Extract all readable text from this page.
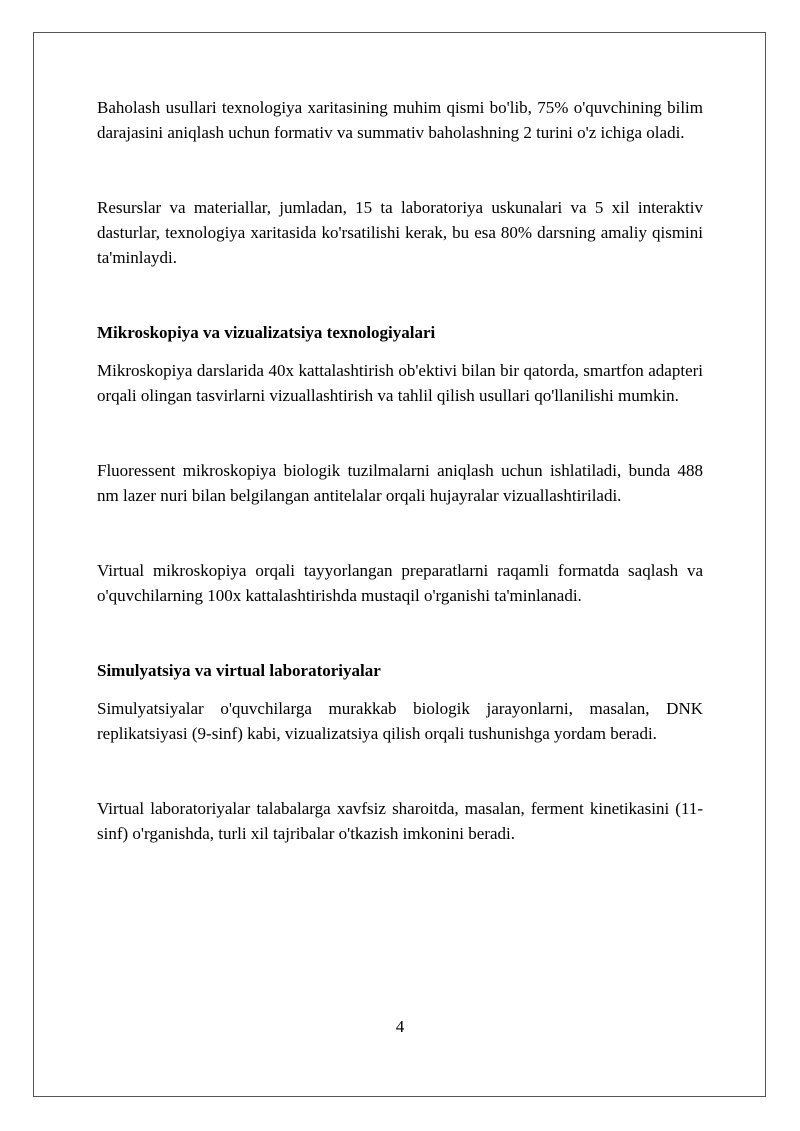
Baholash usullari texnologiya xaritasining muhim qismi bo'lib, 75% o'quvchining bilim darajasini aniqlash uchun formativ va summativ baholashning 2 turini o'z ichiga oladi.

Resurslar va materiallar, jumladan, 15 ta laboratoriya uskunalari va 5 xil interaktiv dasturlar, texnologiya xaritasida ko'rsatilishi kerak, bu esa 80% darsning amaliy qismini ta'minlaydi.

Mikroskopiya va vizualizatsiya texnologiyalari

Mikroskopiya darslarida 40x kattalashtirish ob'ektivi bilan bir qatorda, smartfon adapteri orqali olingan tasvirlarni vizuallashtirish va tahlil qilish usullari qo'llanilishi mumkin.

Fluoressent mikroskopiya biologik tuzilmalarni aniqlash uchun ishlatiladi, bunda 488 nm lazer nuri bilan belgilangan antitelalar orqali hujayralar vizuallashtiriladi.

Virtual mikroskopiya orqali tayyorlangan preparatlarni raqamli formatda saqlash va o'quvchilarning 100x kattalashtirishda mustaqil o'rganishi ta'minlanadi.

Simulyatsiya va virtual laboratoriyalar

Simulyatsiyalar o'quvchilarga murakkab biologik jarayonlarni, masalan, DNK replikatsiyasi (9-sinf) kabi, vizualizatsiya qilish orqali tushunishga yordam beradi.

Virtual laboratoriyalar talabalarga xavfsiz sharoitda, masalan, ferment kinetikasini (11-sinf) o'rganishda, turli xil tajribalar o'tkazish imkonini beradi.

4
